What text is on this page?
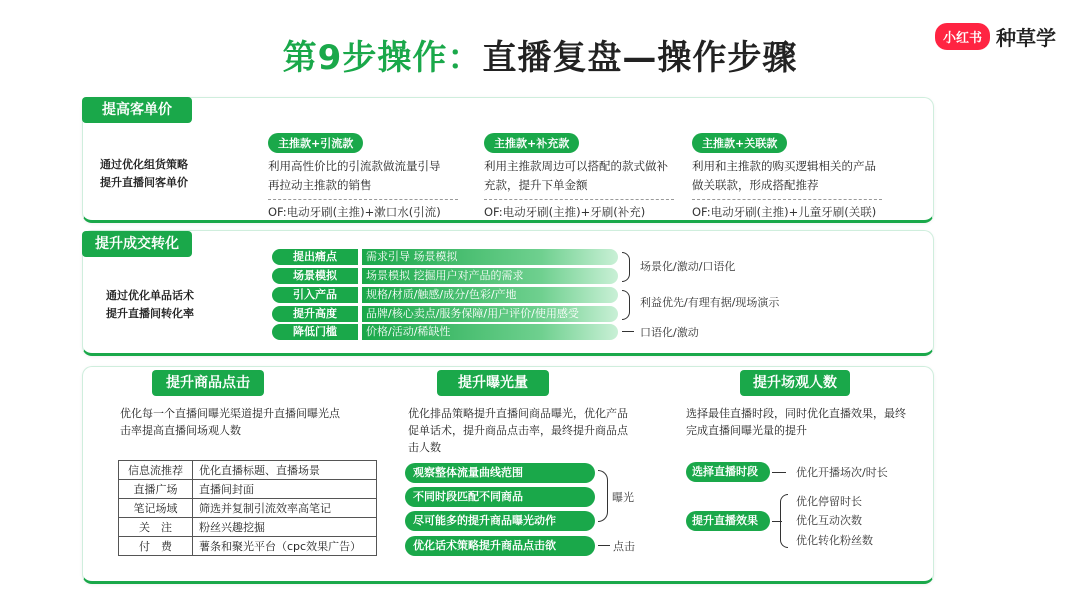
第9步操作：直播复盘—操作步骤	小红书 种草学
提高客单价
通过优化组货策略
提升直播间客单价
主推款+引流款
利用高性价比的引流款做流量引导
再拉动主推款的销售
OF:电动牙刷(主推)+漱口水(引流)
主推款+补充款
利用主推款周边可以搭配的款式做补
充款，提升下单金额
OF:电动牙刷(主推)+牙刷(补充)
主推款+关联款
利用和主推款的购买逻辑相关的产品
做关联款，形成搭配推荐
OF:电动牙刷(主推)+儿童牙刷(关联)
提升成交转化
通过优化单品话术
提升直播间转化率
提出痛点	需求引导 场景模拟
场景模拟	场景模拟 挖掘用户对产品的需求
引入产品	规格/材质/触感/成分/色彩/产地
提升高度	品牌/核心卖点/服务保障/用户评价/使用感受
降低门槛	价格/活动/稀缺性
场景化/激动/口语化
利益优先/有理有据/现场演示
口语化/激动
提升商品点击
优化每一个直播间曝光渠道提升直播间曝光点
击率提高直播间场观人数
信息流推荐	优化直播标题、直播场景
直播广场	直播间封面
笔记场域	筛选并复制引流效率高笔记
关　注	粉丝兴趣挖掘
付　费	薯条和聚光平台（cpc效果广告）
提升曝光量
优化排品策略提升直播间商品曝光，优化产品
促单话术，提升商品点击率，最终提升商品点
击人数
观察整体流量曲线范围
不同时段匹配不同商品
尽可能多的提升商品曝光动作
优化话术策略提升商品点击欲
曝光
点击
提升场观人数
选择最佳直播时段，同时优化直播效果，最终
完成直播间曝光量的提升
选择直播时段	优化开播场次/时长
提升直播效果
优化停留时长
优化互动次数
优化转化粉丝数
